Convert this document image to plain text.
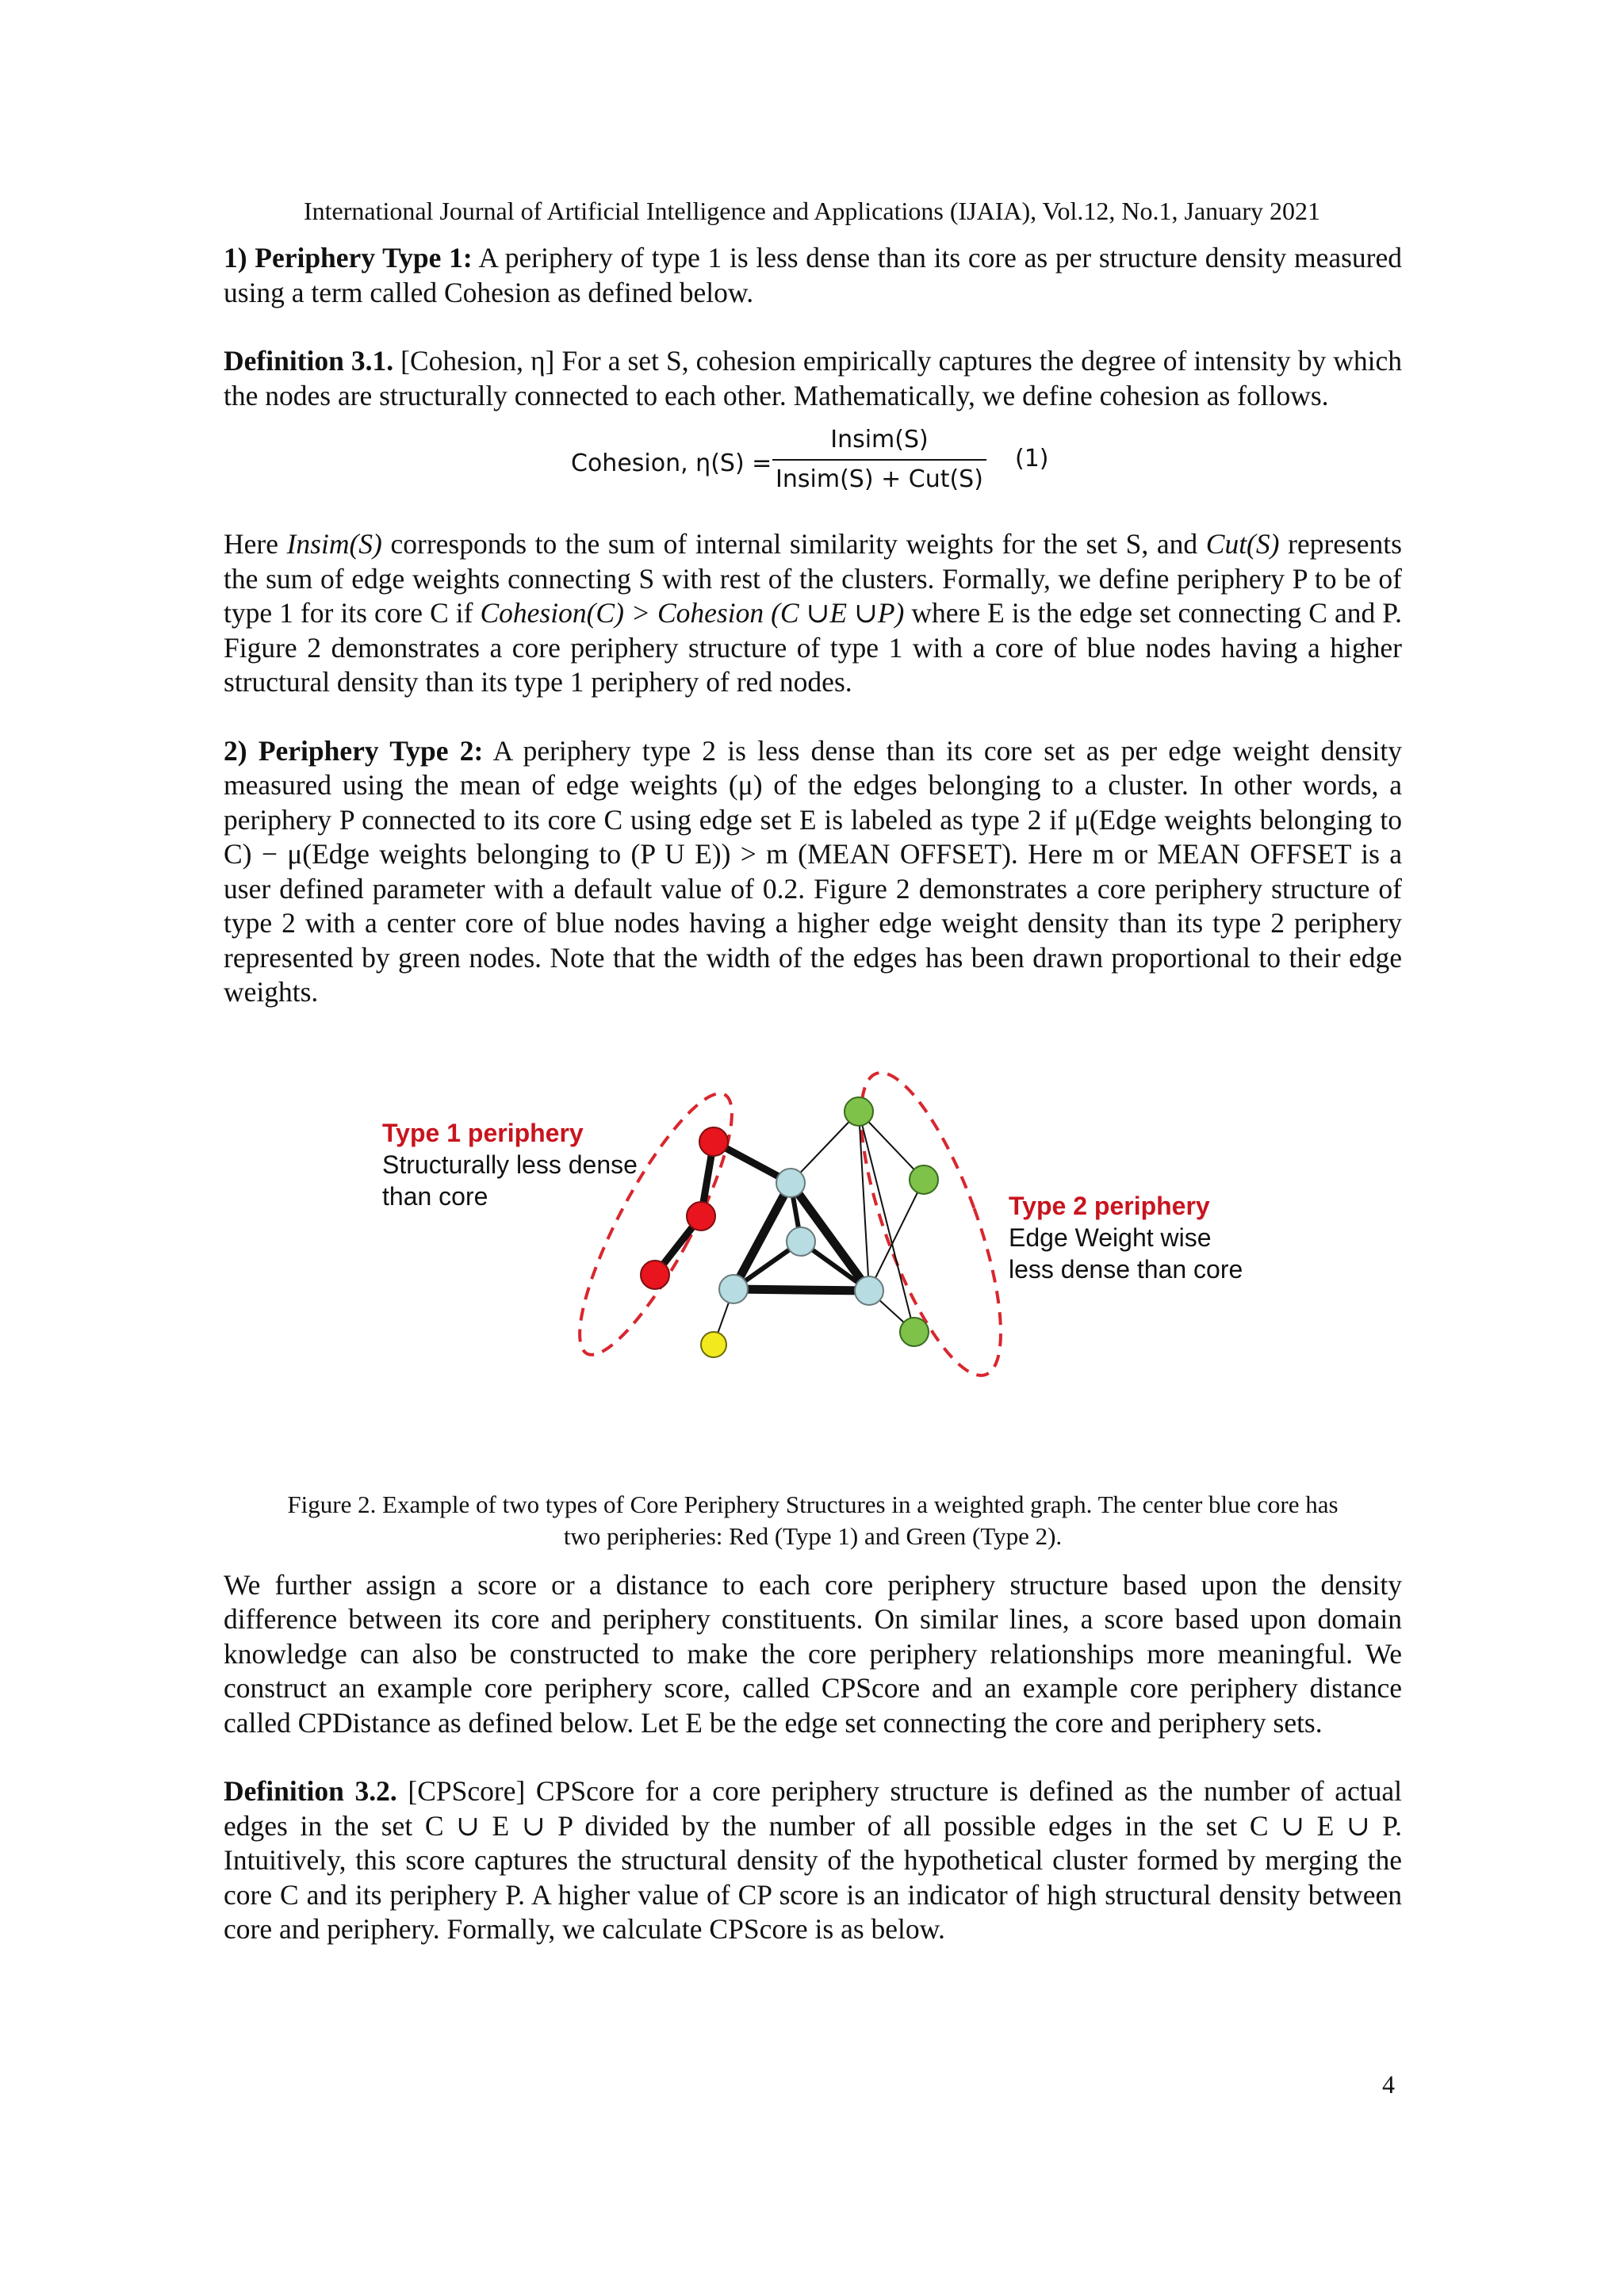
International Journal of Artificial Intelligence and Applications (IJAIA), Vol.12, No.1, January 2021

1) Periphery Type 1: A periphery of type 1 is less dense than its core as per structure density measured using a term called Cohesion as defined below.

Definition 3.1. [Cohesion, η] For a set S, cohesion empirically captures the degree of intensity by which the nodes are structurally connected to each other. Mathematically, we define cohesion as follows.

Cohesion, η(S) =
Insim(S)
Insim(S) + Cut(S)
(1)

Here Insim(S) corresponds to the sum of internal similarity weights for the set S, and Cut(S) represents the sum of edge weights connecting S with rest of the clusters. Formally, we define periphery P to be of type 1 for its core C if Cohesion(C) > Cohesion (C ∪E ∪P) where E is the edge set connecting C and P. Figure 2 demonstrates a core periphery structure of type 1 with a core of blue nodes having a higher structural density than its type 1 periphery of red nodes.

2) Periphery Type 2: A periphery type 2 is less dense than its core set as per edge weight density measured using the mean of edge weights (μ) of the edges belonging to a cluster. In other words, a periphery P connected to its core C using edge set E is labeled as type 2 if μ(Edge weights belonging to C) − μ(Edge weights belonging to (P U E)) > m (MEAN OFFSET). Here m or MEAN OFFSET is a user defined parameter with a default value of 0.2. Figure 2 demonstrates a core periphery structure of type 2 with a center core of blue nodes having a higher edge weight density than its type 2 periphery represented by green nodes. Note that the width of the edges has been drawn proportional to their edge weights.

Type 1 periphery
Structurally less dense
than core	Type 2 periphery
Edge Weight wise
less dense than core
Figure 2. Example of two types of Core Periphery Structures in a weighted graph. The center blue core has
two peripheries: Red (Type 1) and Green (Type 2).

We further assign a score or a distance to each core periphery structure based upon the density difference between its core and periphery constituents. On similar lines, a score based upon domain knowledge can also be constructed to make the core periphery relationships more meaningful. We construct an example core periphery score, called CPScore and an example core periphery distance called CPDistance as defined below. Let E be the edge set connecting the core and periphery sets.

Definition 3.2. [CPScore] CPScore for a core periphery structure is defined as the number of actual edges in the set C ∪ E ∪ P divided by the number of all possible edges in the set C ∪ E ∪ P. Intuitively, this score captures the structural density of the hypothetical cluster formed by merging the core C and its periphery P. A higher value of CP score is an indicator of high structural density between core and periphery. Formally, we calculate CPScore is as below.

4
